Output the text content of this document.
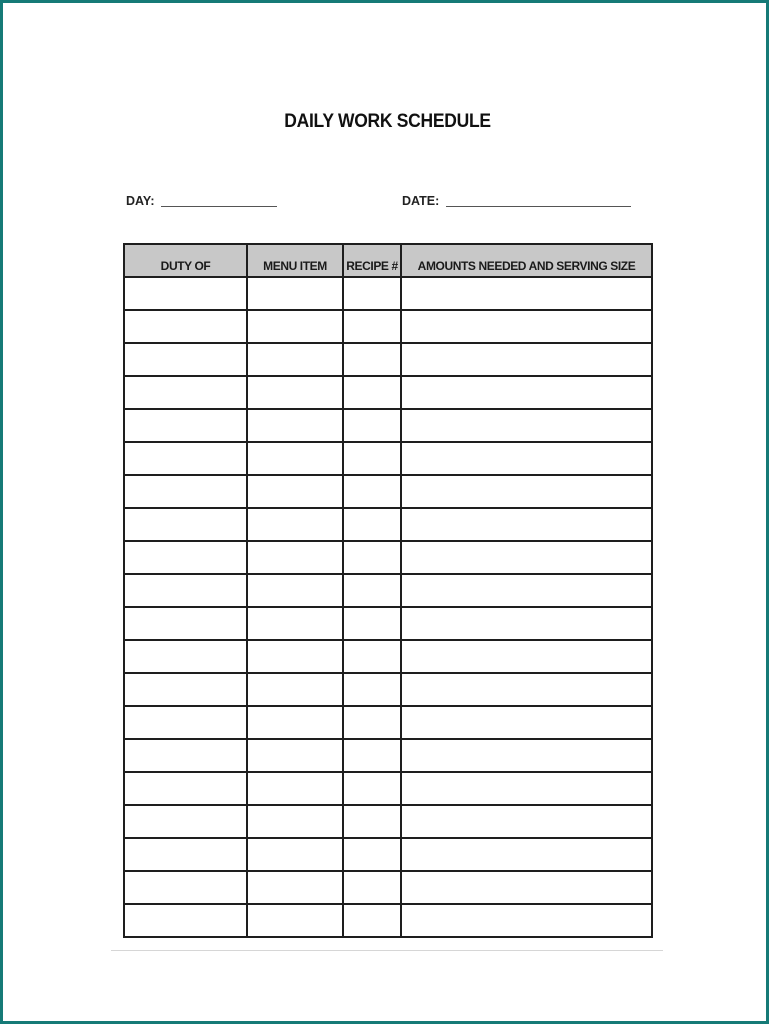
DAILY WORK SCHEDULE
DAY:	DATE:
DUTY OF	MENU ITEM	RECIPE #	AMOUNTS NEEDED AND SERVING SIZE
